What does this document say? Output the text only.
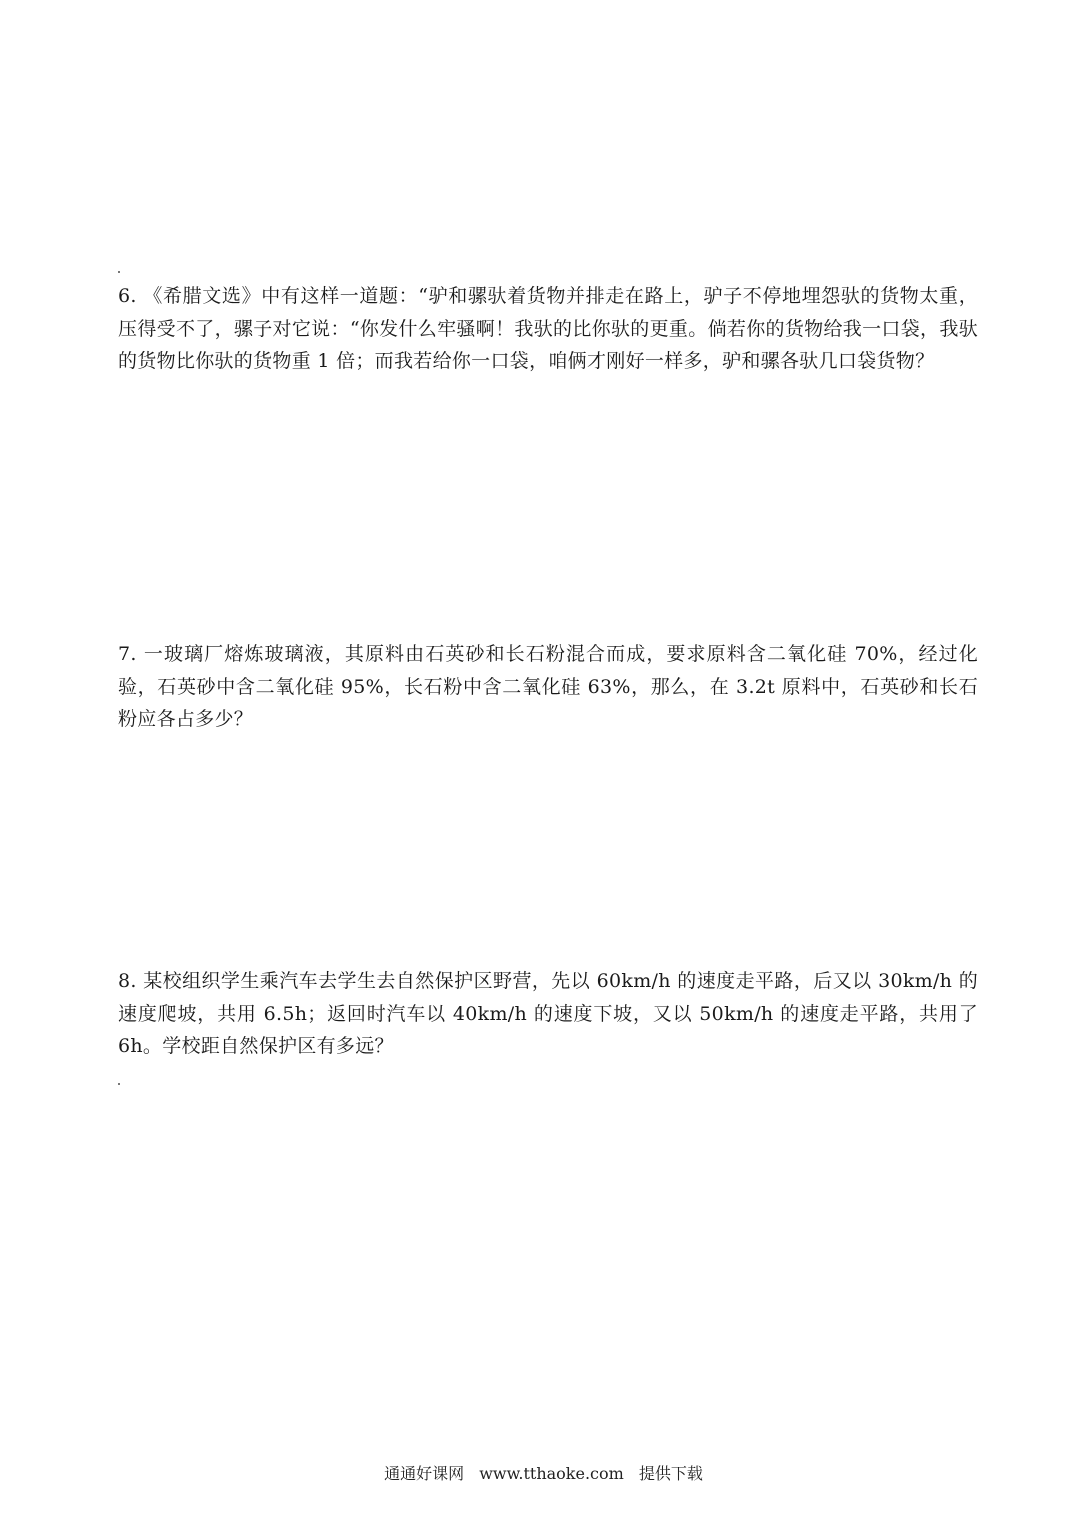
6. 《希腊文选》中有这样一道题：“驴和骡驮着货物并排走在路上，驴子不停地埋怨驮的货物太重，压得受不了，骡子对它说：“你发什么牢骚啊！我驮的比你驮的更重。倘若你的货物给我一口袋，我驮的货物比你驮的货物重 1 倍；而我若给你一口袋，咱俩才刚好一样多，驴和骡各驮几口袋货物？

7. 一玻璃厂熔炼玻璃液，其原料由石英砂和长石粉混合而成，要求原料含二氧化硅 70%，经过化验，石英砂中含二氧化硅 95%，长石粉中含二氧化硅 63%，那么，在 3.2t 原料中，石英砂和长石粉应各占多少？

8. 某校组织学生乘汽车去学生去自然保护区野营，先以 60km/h 的速度走平路，后又以 30km/h 的速度爬坡，共用 6.5h；返回时汽车以 40km/h 的速度下坡，又以 50km/h 的速度走平路，共用了 6h。学校距自然保护区有多远？

通通好课网 www.tthaoke.com 提供下载
